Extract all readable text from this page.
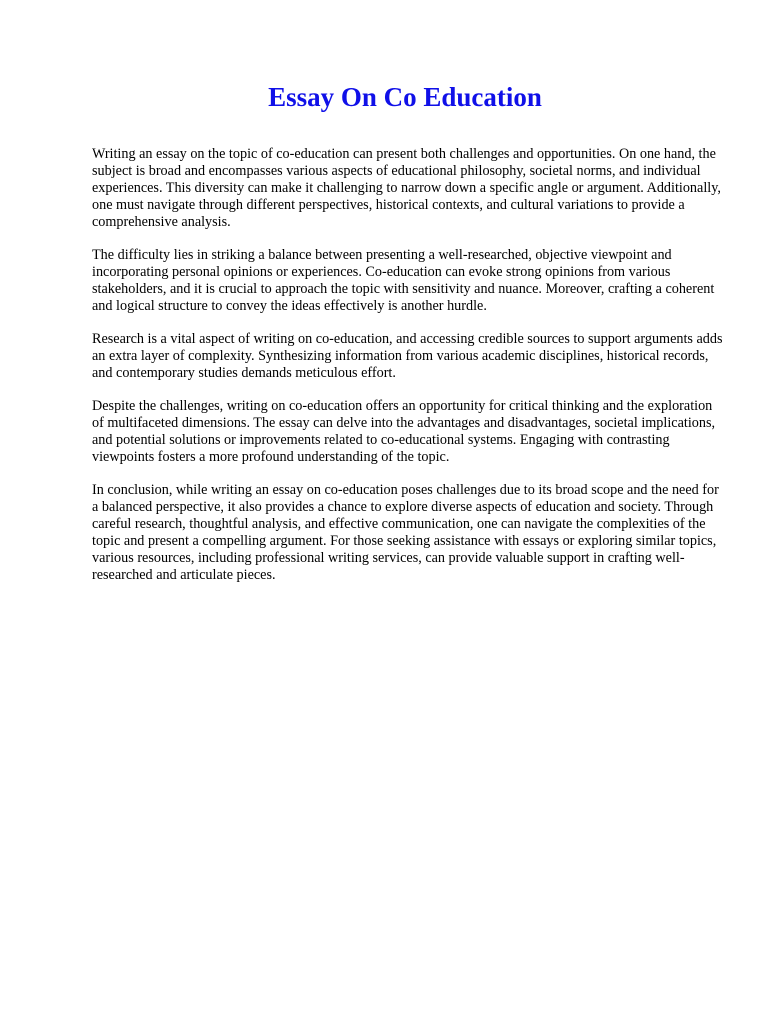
Essay On Co Education

Writing an essay on the topic of co-education can present both challenges and opportunities. On one hand, the subject is broad and encompasses various aspects of educational philosophy, societal norms, and individual experiences. This diversity can make it challenging to narrow down a specific angle or argument. Additionally, one must navigate through different perspectives, historical contexts, and cultural variations to provide a comprehensive analysis.

The difficulty lies in striking a balance between presenting a well-researched, objective viewpoint and incorporating personal opinions or experiences. Co-education can evoke strong opinions from various stakeholders, and it is crucial to approach the topic with sensitivity and nuance. Moreover, crafting a coherent and logical structure to convey the ideas effectively is another hurdle.

Research is a vital aspect of writing on co-education, and accessing credible sources to support arguments adds an extra layer of complexity. Synthesizing information from various academic disciplines, historical records, and contemporary studies demands meticulous effort.

Despite the challenges, writing on co-education offers an opportunity for critical thinking and the exploration of multifaceted dimensions. The essay can delve into the advantages and disadvantages, societal implications, and potential solutions or improvements related to co-educational systems. Engaging with contrasting viewpoints fosters a more profound understanding of the topic.

In conclusion, while writing an essay on co-education poses challenges due to its broad scope and the need for a balanced perspective, it also provides a chance to explore diverse aspects of education and society. Through careful research, thoughtful analysis, and effective communication, one can navigate the complexities of the topic and present a compelling argument. For those seeking assistance with essays or exploring similar topics, various resources, including professional writing services, can provide valuable support in crafting well-researched and articulate pieces.
